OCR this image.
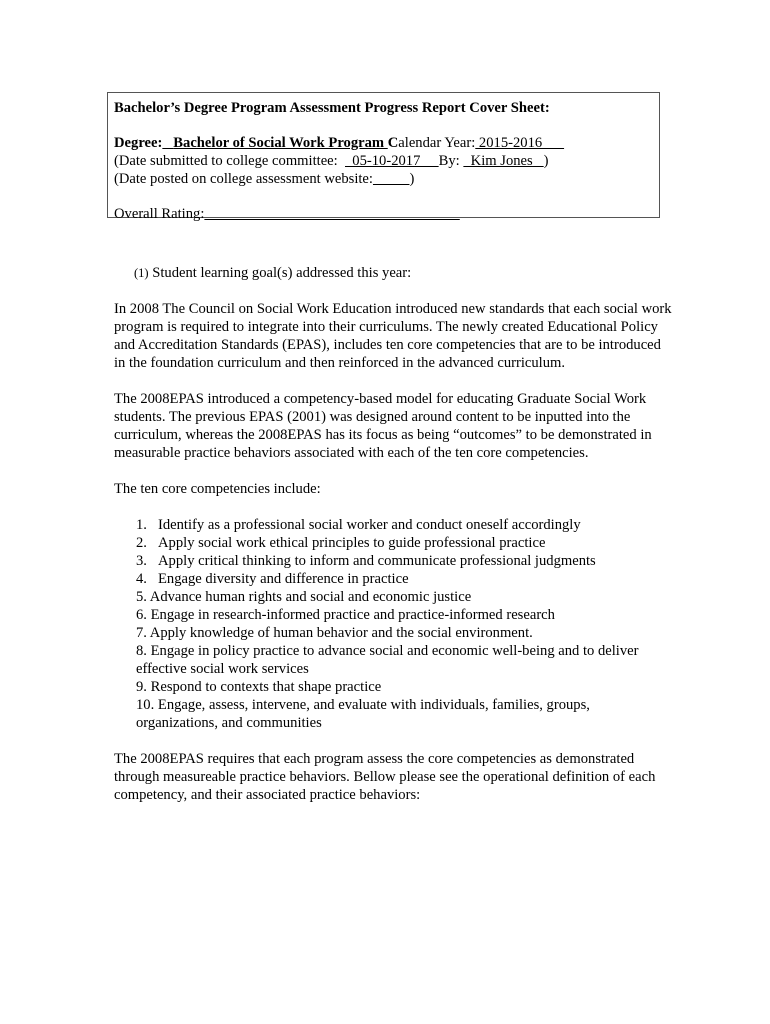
Bachelor’s Degree Program Assessment Progress Report Cover Sheet:

Degree: Bachelor of Social Work Program Calendar Year: 2015-2016

(Date submitted to college committee:    05-10-2017     By:   Kim Jones   )

(Date posted on college assessment website: )

Overall Rating:

(1) Student learning goal(s) addressed this year:

In 2008 The Council on Social Work Education introduced new standards that each social work program is required to integrate into their curriculums. The newly created Educational Policy and Accreditation Standards (EPAS), includes ten core competencies that are to be introduced in the foundation curriculum and then reinforced in the advanced curriculum.

The 2008EPAS introduced a competency-based model for educating Graduate Social Work students. The previous EPAS (2001) was designed around content to be inputted into the curriculum, whereas the 2008EPAS has its focus as being “outcomes” to be demonstrated in measurable practice behaviors associated with each of the ten core competencies.

The ten core competencies include:

1. Identify as a professional social worker and conduct oneself accordingly
2. Apply social work ethical principles to guide professional practice
3. Apply critical thinking to inform and communicate professional judgments
4. Engage diversity and difference in practice
5. Advance human rights and social and economic justice
6. Engage in research-informed practice and practice-informed research
7. Apply knowledge of human behavior and the social environment.
8. Engage in policy practice to advance social and economic well-being and to deliver effective social work services
9. Respond to contexts that shape practice
10. Engage, assess, intervene, and evaluate with individuals, families, groups, organizations, and communities

The 2008EPAS requires that each program assess the core competencies as demonstrated through measureable practice behaviors. Bellow please see the operational definition of each competency, and their associated practice behaviors:
